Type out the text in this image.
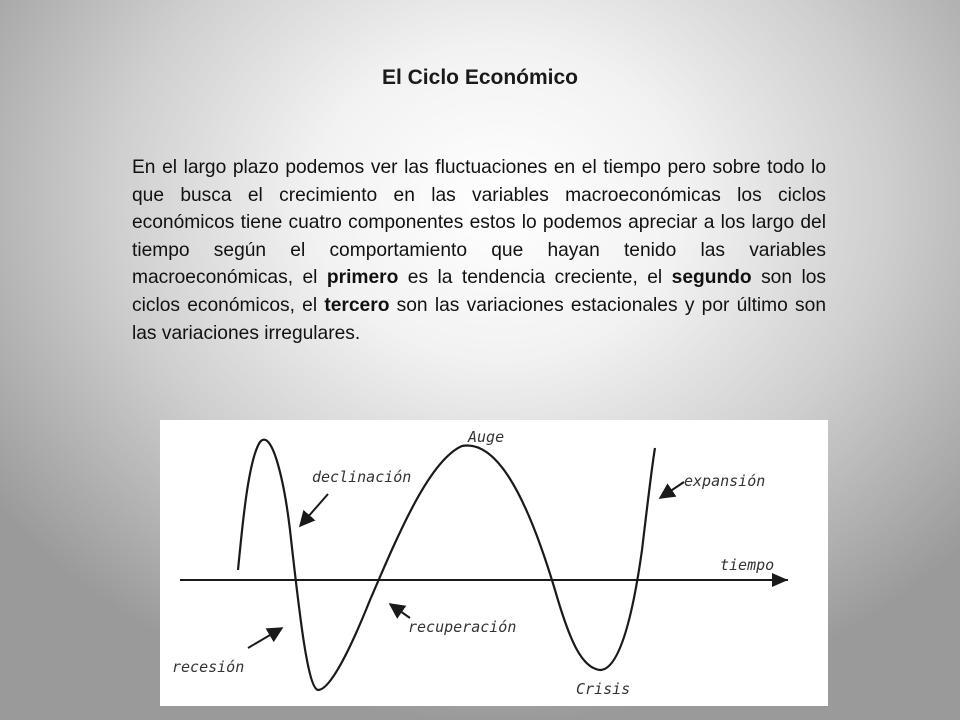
El Ciclo Económico

En el largo plazo podemos ver las fluctuaciones en el tiempo pero sobre todo lo que busca el crecimiento en las variables macroeconómicas los ciclos económicos tiene cuatro componentes estos lo podemos apreciar a los largo del tiempo según el comportamiento que hayan tenido las variables macroeconómicas, el primero es la tendencia creciente, el segundo son los ciclos económicos, el tercero son las variaciones estacionales y por último son las variaciones irregulares.

Auge
declinación	expansión
tiempo
recuperación
recesión
Crisis
